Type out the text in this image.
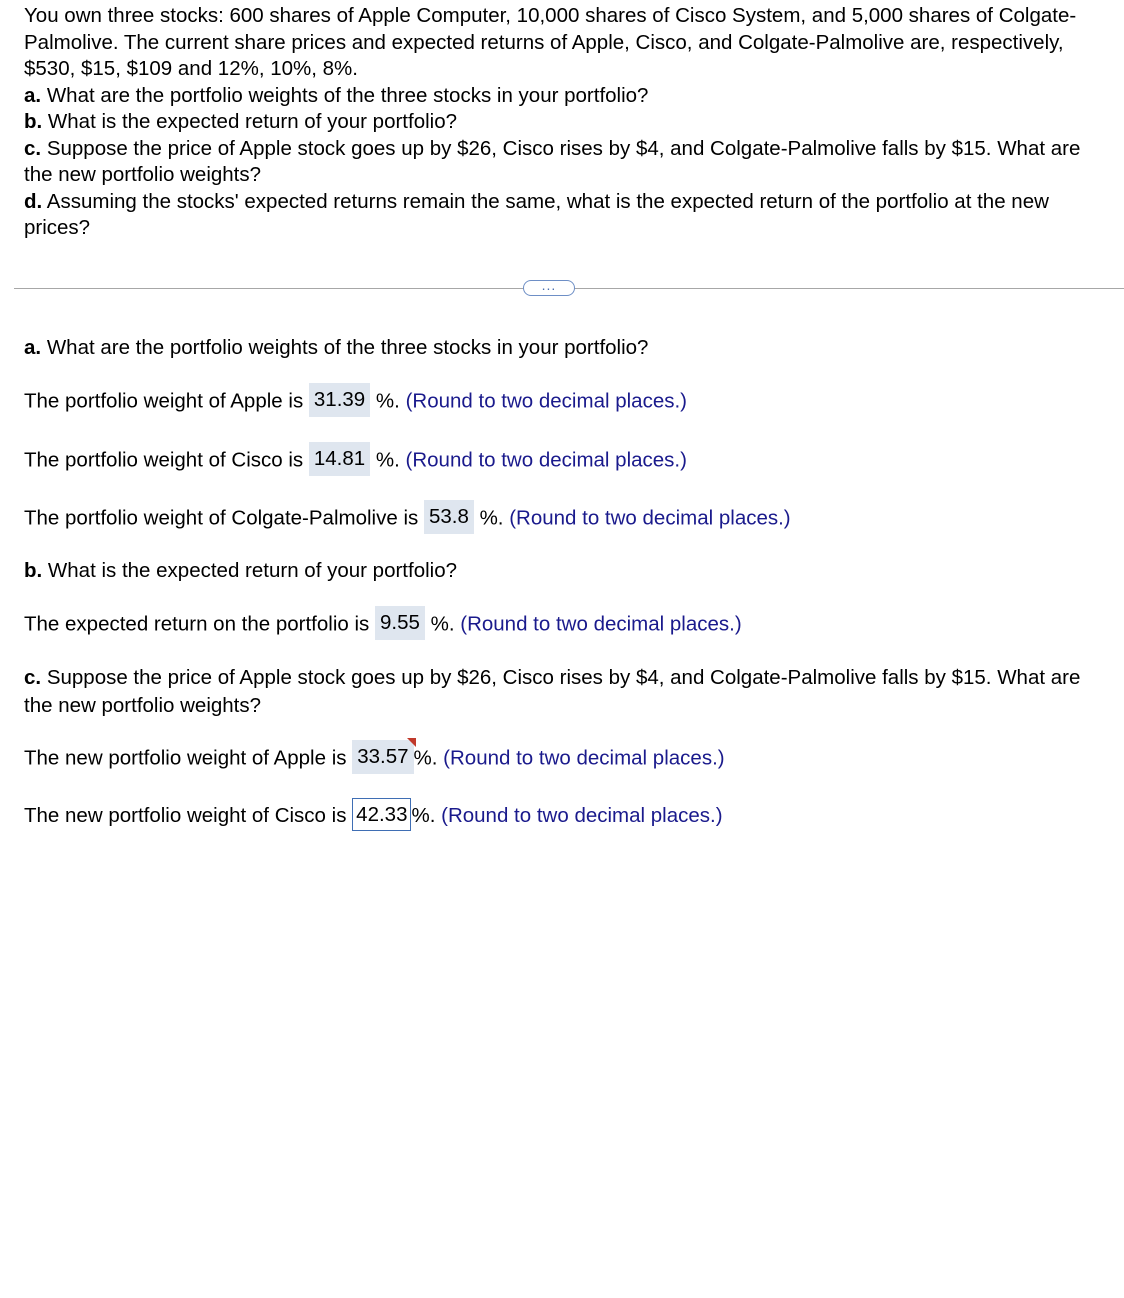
You own three stocks: 600 shares of Apple Computer, 10,000 shares of Cisco System, and 5,000 shares of Colgate-Palmolive. The current share prices and expected returns of Apple, Cisco, and Colgate-Palmolive are, respectively, $530, $15, $109 and 12%, 10%, 8%.

a. What are the portfolio weights of the three stocks in your portfolio?

b. What is the expected return of your portfolio?

c. Suppose the price of Apple stock goes up by $26, Cisco rises by $4, and Colgate-Palmolive falls by $15. What are the new portfolio weights?

d. Assuming the stocks' expected returns remain the same, what is the expected return of the portfolio at the new prices?

...
a. What are the portfolio weights of the three stocks in your portfolio?
The portfolio weight of Apple is 31.39 %. (Round to two decimal places.)
The portfolio weight of Cisco is 14.81 %. (Round to two decimal places.)
The portfolio weight of Colgate-Palmolive is 53.8 %. (Round to two decimal places.)
b. What is the expected return of your portfolio?
The expected return on the portfolio is 9.55 %. (Round to two decimal places.)
c. Suppose the price of Apple stock goes up by $26, Cisco rises by $4, and Colgate-Palmolive falls by $15. What are the new portfolio weights?
The new portfolio weight of Apple is 33.57 %. (Round to two decimal places.)
The new portfolio weight of Cisco is 42.33 %. (Round to two decimal places.)
